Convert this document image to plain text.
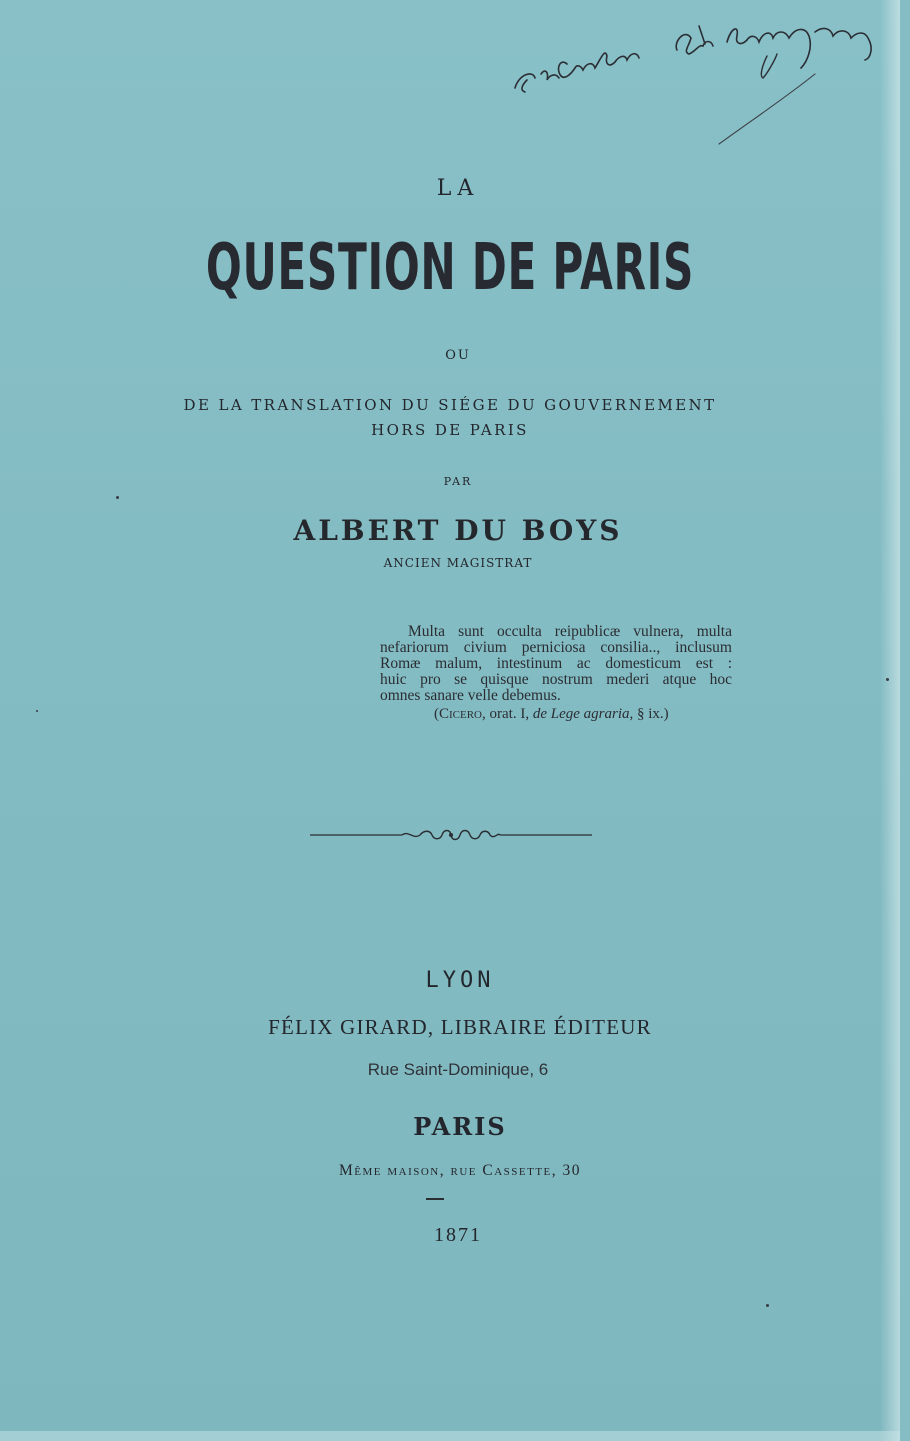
Au Colonel de Lafayette
LA
QUESTION DE PARIS
OU
DE LA TRANSLATION DU SIÉGE DU GOUVERNEMENT
HORS DE PARIS
PAR
ALBERT DU BOYS
ANCIEN MAGISTRAT
Multa sunt occulta reipublicæ vulnera, multa
nefariorum civium perniciosa consilia.., inclusum
Romæ malum, intestinum ac domesticum est :
huic pro se quisque nostrum mederi atque hoc
omnes sanare velle debemus.
(Cicero, orat. I, de Lege agraria, § ix.)
LYON
FÉLIX GIRARD, LIBRAIRE ÉDITEUR
Rue Saint-Dominique, 6
PARIS
Même maison, rue Cassette, 30
1871
